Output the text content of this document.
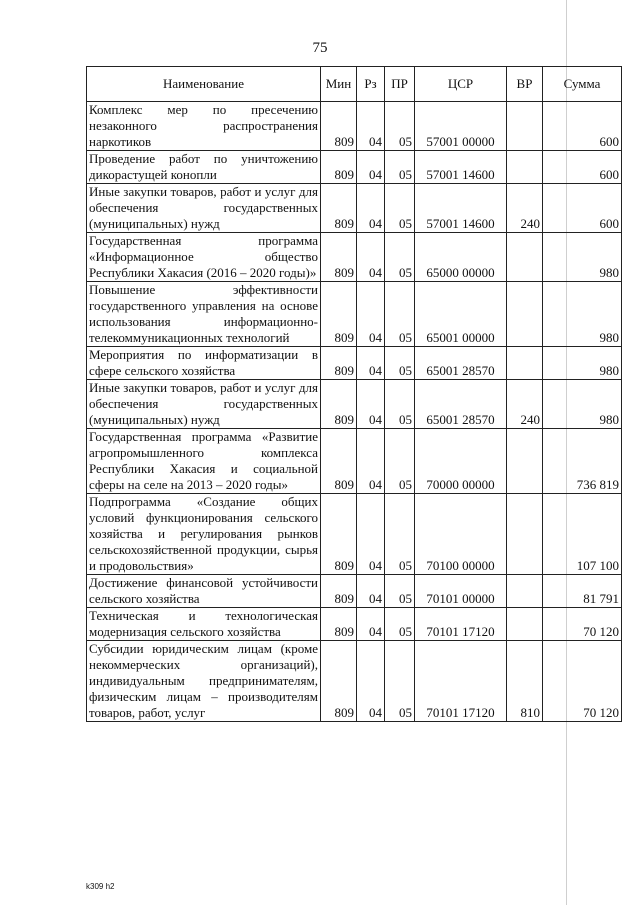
75
Наименование	Мин	Рз	ПР	ЦСР	ВР	Сумма
Комплекс мер по пресечению незаконного распространения наркотиков	809	04	05	57001 00000		600
Проведение работ по уничтожению дикорастущей конопли	809	04	05	57001 14600		600
Иные закупки товаров, работ и услуг для обеспечения государственных (муниципальных) нужд	809	04	05	57001 14600	240	600
Государственная программа «Информационное общество Республики Хакасия (2016 – 2020 годы)»	809	04	05	65000 00000		980
Повышение эффективности государственного управления на основе использования информационно-телекоммуникационных технологий	809	04	05	65001 00000		980
Мероприятия по информатизации в сфере сельского хозяйства	809	04	05	65001 28570		980
Иные закупки товаров, работ и услуг для обеспечения государственных (муниципальных) нужд	809	04	05	65001 28570	240	980
Государственная программа «Развитие агропромышленного комплекса Республики Хакасия и социальной сферы на селе на 2013 – 2020 годы»	809	04	05	70000 00000		736 819
Подпрограмма «Создание общих условий функционирования сельского хозяйства и регулирования рынков сельскохозяйственной продукции, сырья и продовольствия»	809	04	05	70100 00000		107 100
Достижение финансовой устойчивости сельского хозяйства	809	04	05	70101 00000		81 791
Техническая и технологическая модернизация сельского хозяйства	809	04	05	70101 17120		70 120
Субсидии юридическим лицам (кроме некоммерческих организаций), индивидуальным предпринимателям, физическим лицам – производителям товаров, работ, услуг	809	04	05	70101 17120	810	70 120
k309 h2
